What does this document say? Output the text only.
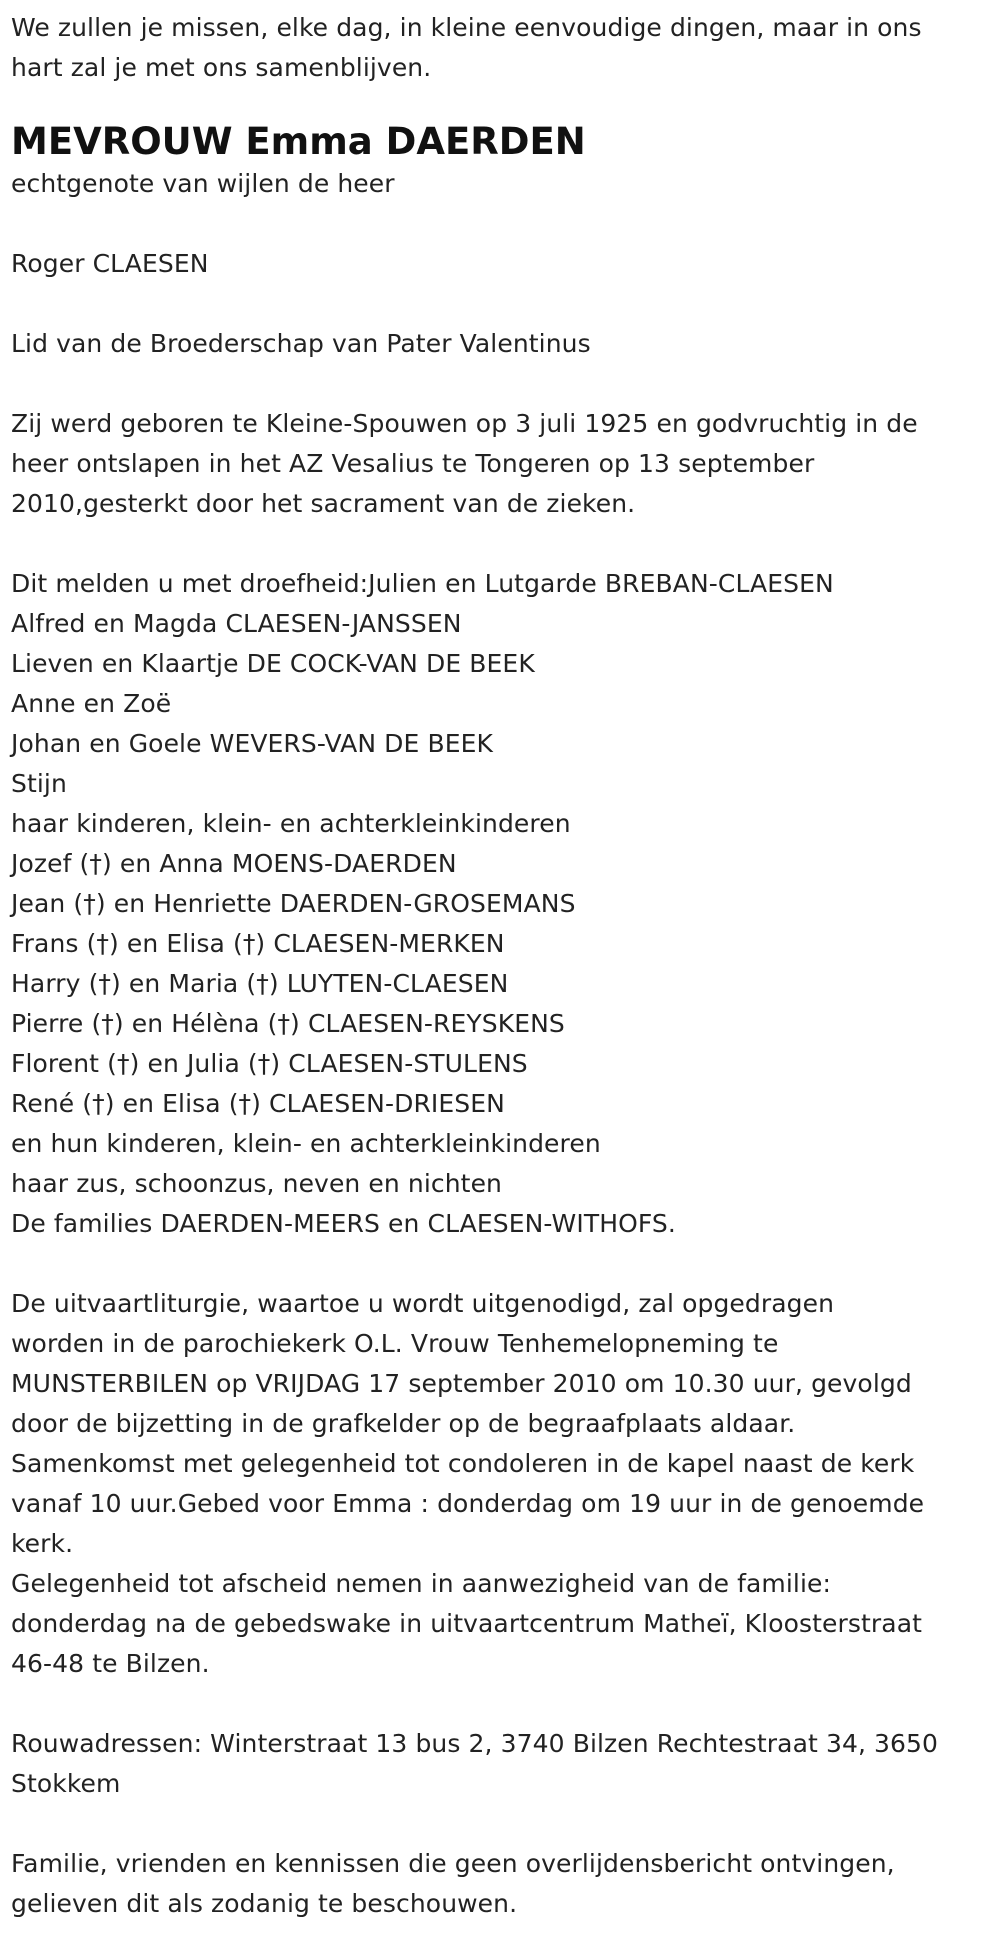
We zullen je missen, elke dag, in kleine eenvoudige dingen, maar in ons
hart zal je met ons samenblijven.
MEVROUW Emma DAERDEN
echtgenote van wijlen de heer
Roger CLAESEN
Lid van de Broederschap van Pater Valentinus
Zij werd geboren te Kleine-Spouwen op 3 juli 1925 en godvruchtig in de
heer ontslapen in het AZ Vesalius te Tongeren op 13 september
2010,gesterkt door het sacrament van de zieken.
Dit melden u met droefheid:Julien en Lutgarde BREBAN-CLAESEN
Alfred en Magda CLAESEN-JANSSEN
Lieven en Klaartje DE COCK-VAN DE BEEK
Anne en Zoë
Johan en Goele WEVERS-VAN DE BEEK
Stijn
haar kinderen, klein- en achterkleinkinderen
Jozef (†) en Anna MOENS-DAERDEN
Jean (†) en Henriette DAERDEN-GROSEMANS
Frans (†) en Elisa (†) CLAESEN-MERKEN
Harry (†) en Maria (†) LUYTEN-CLAESEN
Pierre (†) en Hélèna (†) CLAESEN-REYSKENS
Florent (†) en Julia (†) CLAESEN-STULENS
René (†) en Elisa (†) CLAESEN-DRIESEN
en hun kinderen, klein- en achterkleinkinderen
haar zus, schoonzus, neven en nichten
De families DAERDEN-MEERS en CLAESEN-WITHOFS.
De uitvaartliturgie, waartoe u wordt uitgenodigd, zal opgedragen
worden in de parochiekerk O.L. Vrouw Tenhemelopneming te
MUNSTERBILEN op VRIJDAG 17 september 2010 om 10.30 uur, gevolgd
door de bijzetting in de grafkelder op de begraafplaats aldaar.
Samenkomst met gelegenheid tot condoleren in de kapel naast de kerk
vanaf 10 uur.Gebed voor Emma : donderdag om 19 uur in de genoemde
kerk.
Gelegenheid tot afscheid nemen in aanwezigheid van de familie:
donderdag na de gebedswake in uitvaartcentrum Matheï, Kloosterstraat
46-48 te Bilzen.
Rouwadressen: Winterstraat 13 bus 2, 3740 Bilzen Rechtestraat 34, 3650
Stokkem
Familie, vrienden en kennissen die geen overlijdensbericht ontvingen,
gelieven dit als zodanig te beschouwen.
